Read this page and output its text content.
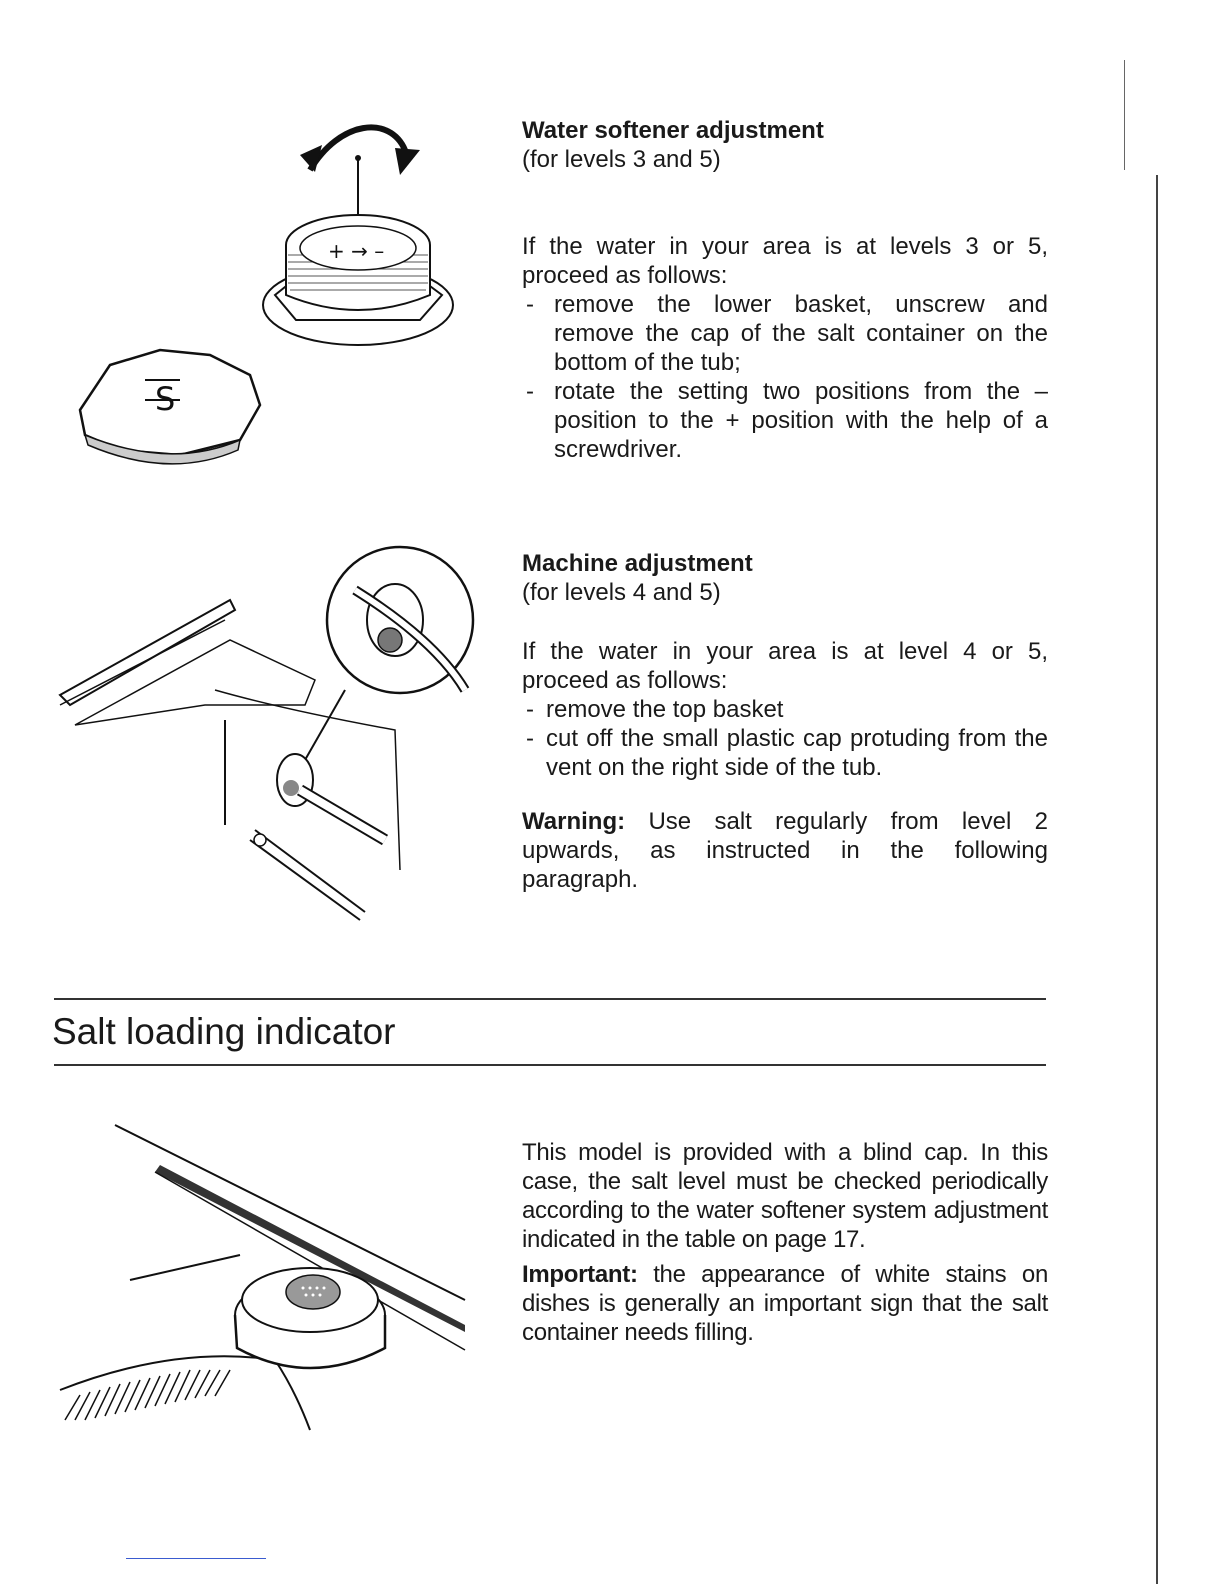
+ → –
S
Water softener adjustment
(for levels 3 and 5)

If the water in your area is at levels 3 or 5, proceed as follows:

- remove the lower basket, unscrew and remove the cap of the salt container on the bottom of the tub;
- rotate the setting two positions from the – position to the + position with the help of a screwdriver.
Machine adjustment
(for levels 4 and 5)

If the water in your area is at level 4 or 5, proceed as follows:

- remove the top basket
- cut off the small plastic cap protuding from the vent on the right side of the tub.

Warning: Use salt regularly from level 2 upwards, as instructed in the following paragraph.

Salt loading indicator

This model is provided with a blind cap. In this case, the salt level must be checked periodically according to the water softener system adjustment indicated in the table on page 17.

Important: the appearance of white stains on dishes is generally an important sign that the salt container needs filling.
